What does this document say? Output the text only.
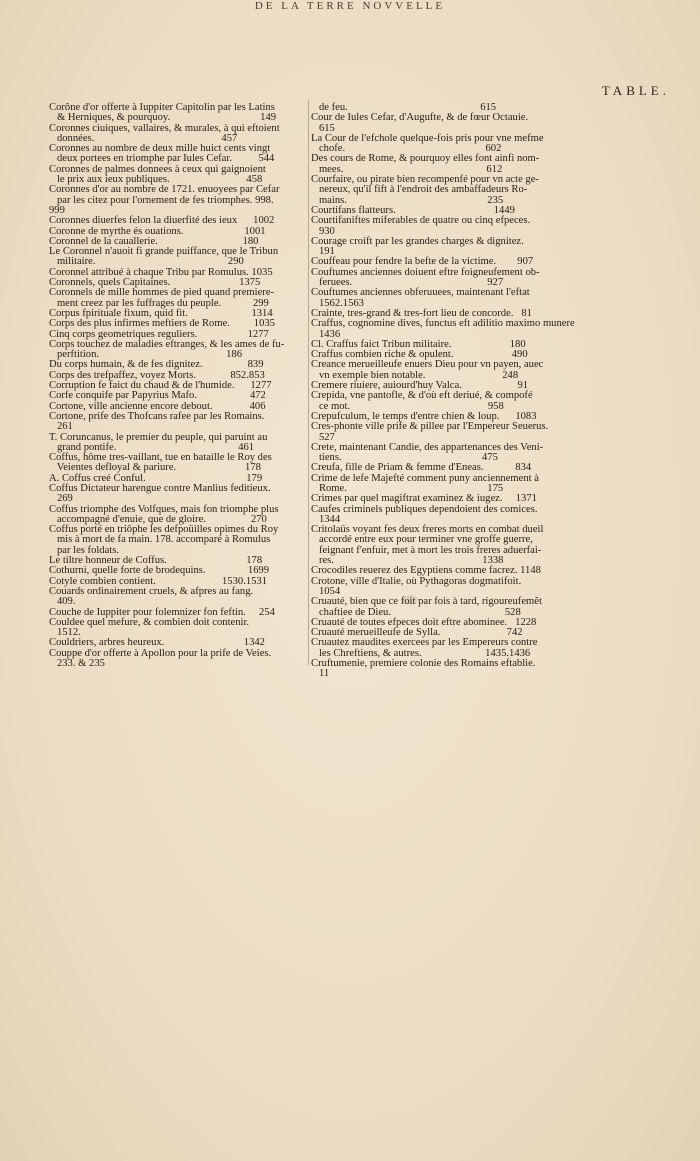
DE LA TERRE NOVVELLE
TABLE.
Corône d'or offerte à Iuppiter Capitolin par les Latins
& Herniques, & pourquoy.                                  149
Coronnes ciuiques, vallaires, & murales, à qui eftoient
données.                                                457
Coronnes au nombre de deux mille huict cents vingt
deux portees en triomphe par Iules Cefar.          544
Coronnes de palmes donnees à ceux qui gaignoient
le prix aux ieux publiques.                             458
Coronnes d'or au nombre de 1721. enuoyees par Cefar
par les citez pour l'ornement de fes triomphes. 998.
999
Coronnes diuerfes felon la diuerfité des ieux      1002
Coronne de myrthe és ouations.                       1001
Coronnel de la cauallerie.                                180
Le Coronnel n'auoit fi grande puiffance, que le Tribun
militaire.                                                  290
Coronnel attribué à chaque Tribu par Romulus. 1035
Coronnels, quels Capitaines.                          1375
Coronnels de mille hommes de pied quand premiere-
ment creez par les fuffrages du peuple.            299
Corpus fpirituale fixum, quid fit.                        1314
Corps des plus infirmes meftiers de Rome.         1035
Cinq corps geometriques reguliers.                   1277
Corps touchez de maladies eftranges, & les ames de fu-
perftition.                                                186
Du corps humain, & de fes dignitez.                 839
Corps des trefpaffez, voyez Morts.             852.853
Corruption fe faict du chaud & de l'humide.      1277
Corfe conquife par Papyrius Mafo.                    472
Cortone, ville ancienne encore debout.              406
Cortone, prife des Thofcans rafee par les Romains.
261
T. Coruncanus, le premier du peuple, qui paruint au
grand pontife.                                              461
Coffus, hôme tres-vaillant, tue en bataille le Roy des
Veientes defloyal & pariure.                          178
A. Coffus creé Conful.                                      179
Coffus Dictateur harengue contre Manlius feditieux.
269
Coffus triomphe des Volfques, mais fon triomphe plus
accompagné d'enuie, que de gloire.                 270
Coffus porté en triôphe les defpoüilles opimes du Roy
mis à mort de fa main. 178. accomparé à Romulus
par les foldats.
Le tiltre honneur de Coffus.                              178
Cothurni, quelle forte de brodequins.                1699
Cotyle combien contient.                         1530.1531
Couards ordinairement cruels, & afpres au fang.
409.
Couche de Iuppiter pour folemnizer fon feftin.     254
Couldee quel mefure, & combien doit contenir.
1512.
Couldriers, arbres heureux.                              1342
Couppe d'or offerte à Apollon pour la prife de Veies.
233. & 235
de feu.                                                  615
Cour de Iules Cefar, d'Augufte, & de fœur Octauie.
615
La Cour de l'efchole quelque-fois pris pour vne mefme
chofe.                                                     602
Des cours de Rome, & pourquoy elles font ainfi nom-
mees.                                                      612
Courfaire, ou pirate bien recompenfé pour vn acte ge-
nereux, qu'il fift à l'endroit des ambaffadeurs Ro-
mains.                                                     235
Courtifans flatteurs.                                     1449
Courtifaniftes miferables de quatre ou cinq efpeces.
930
Courage croift par les grandes charges & dignitez.
191
Couffeau pour fendre la befte de la victime.        907
Couftumes anciennes doiuent eftre foigneufement ob-
feruees.                                                   927
Couftumes anciennes obferuuees, maintenant l'eftat
1562.1563
Crainte, tres-grand & tres-fort lieu de concorde.   81
Craffus, cognomine dives, functus eft adilitio maximo munere
1436
Cl. Craffus faict Tribun militaire.                      180
Craffus combien riche & opulent.                      490
Creance merueilleufe enuers Dieu pour vn payen, auec
vn exemple bien notable.                             248
Cremere riuiere, auiourd'huy Valca.                     91
Crepida, vne pantofle, & d'où eft deriué, & compofé
ce mot.                                                    958
Crepufculum, le temps d'entre chien & loup.      1083
Cres-phonte ville prife & pillee par l'Empereur Seuerus.
527
Crete, maintenant Candie, des appartenances des Veni-
tiens.                                                     475
Creufa, fille de Priam & femme d'Eneas.            834
Crime de lefe Majefté comment puny anciennement à
Rome.                                                     175
Crimes par quel magiftrat examinez & iugez.     1371
Caufes criminels publiques dependoient des comices.
1344
Critolaüs voyant fes deux freres morts en combat dueil
accordé entre eux pour terminer vne groffe guerre,
feignant f'enfuir, met à mort les trois freres aduerfai-
res.                                                        1338
Crocodiles reuerez des Egyptiens comme facrez. 1148
Crotone, ville d'Italie, où Pythagoras dogmatifoit.
1054
Cruauté, bien que ce foit par fois à tard, rigoureufemẽt
chaftiee de Dieu.                                           528
Cruauté de toutes efpeces doit eftre abominee.   1228
Cruauté merueilleufe de Sylla.                         742
Cruautez maudites exercees par les Empereurs contre
les Chreftiens, & autres.                        1435.1436
Cruftumenie, premiere colonie des Romains eftablie.
11
